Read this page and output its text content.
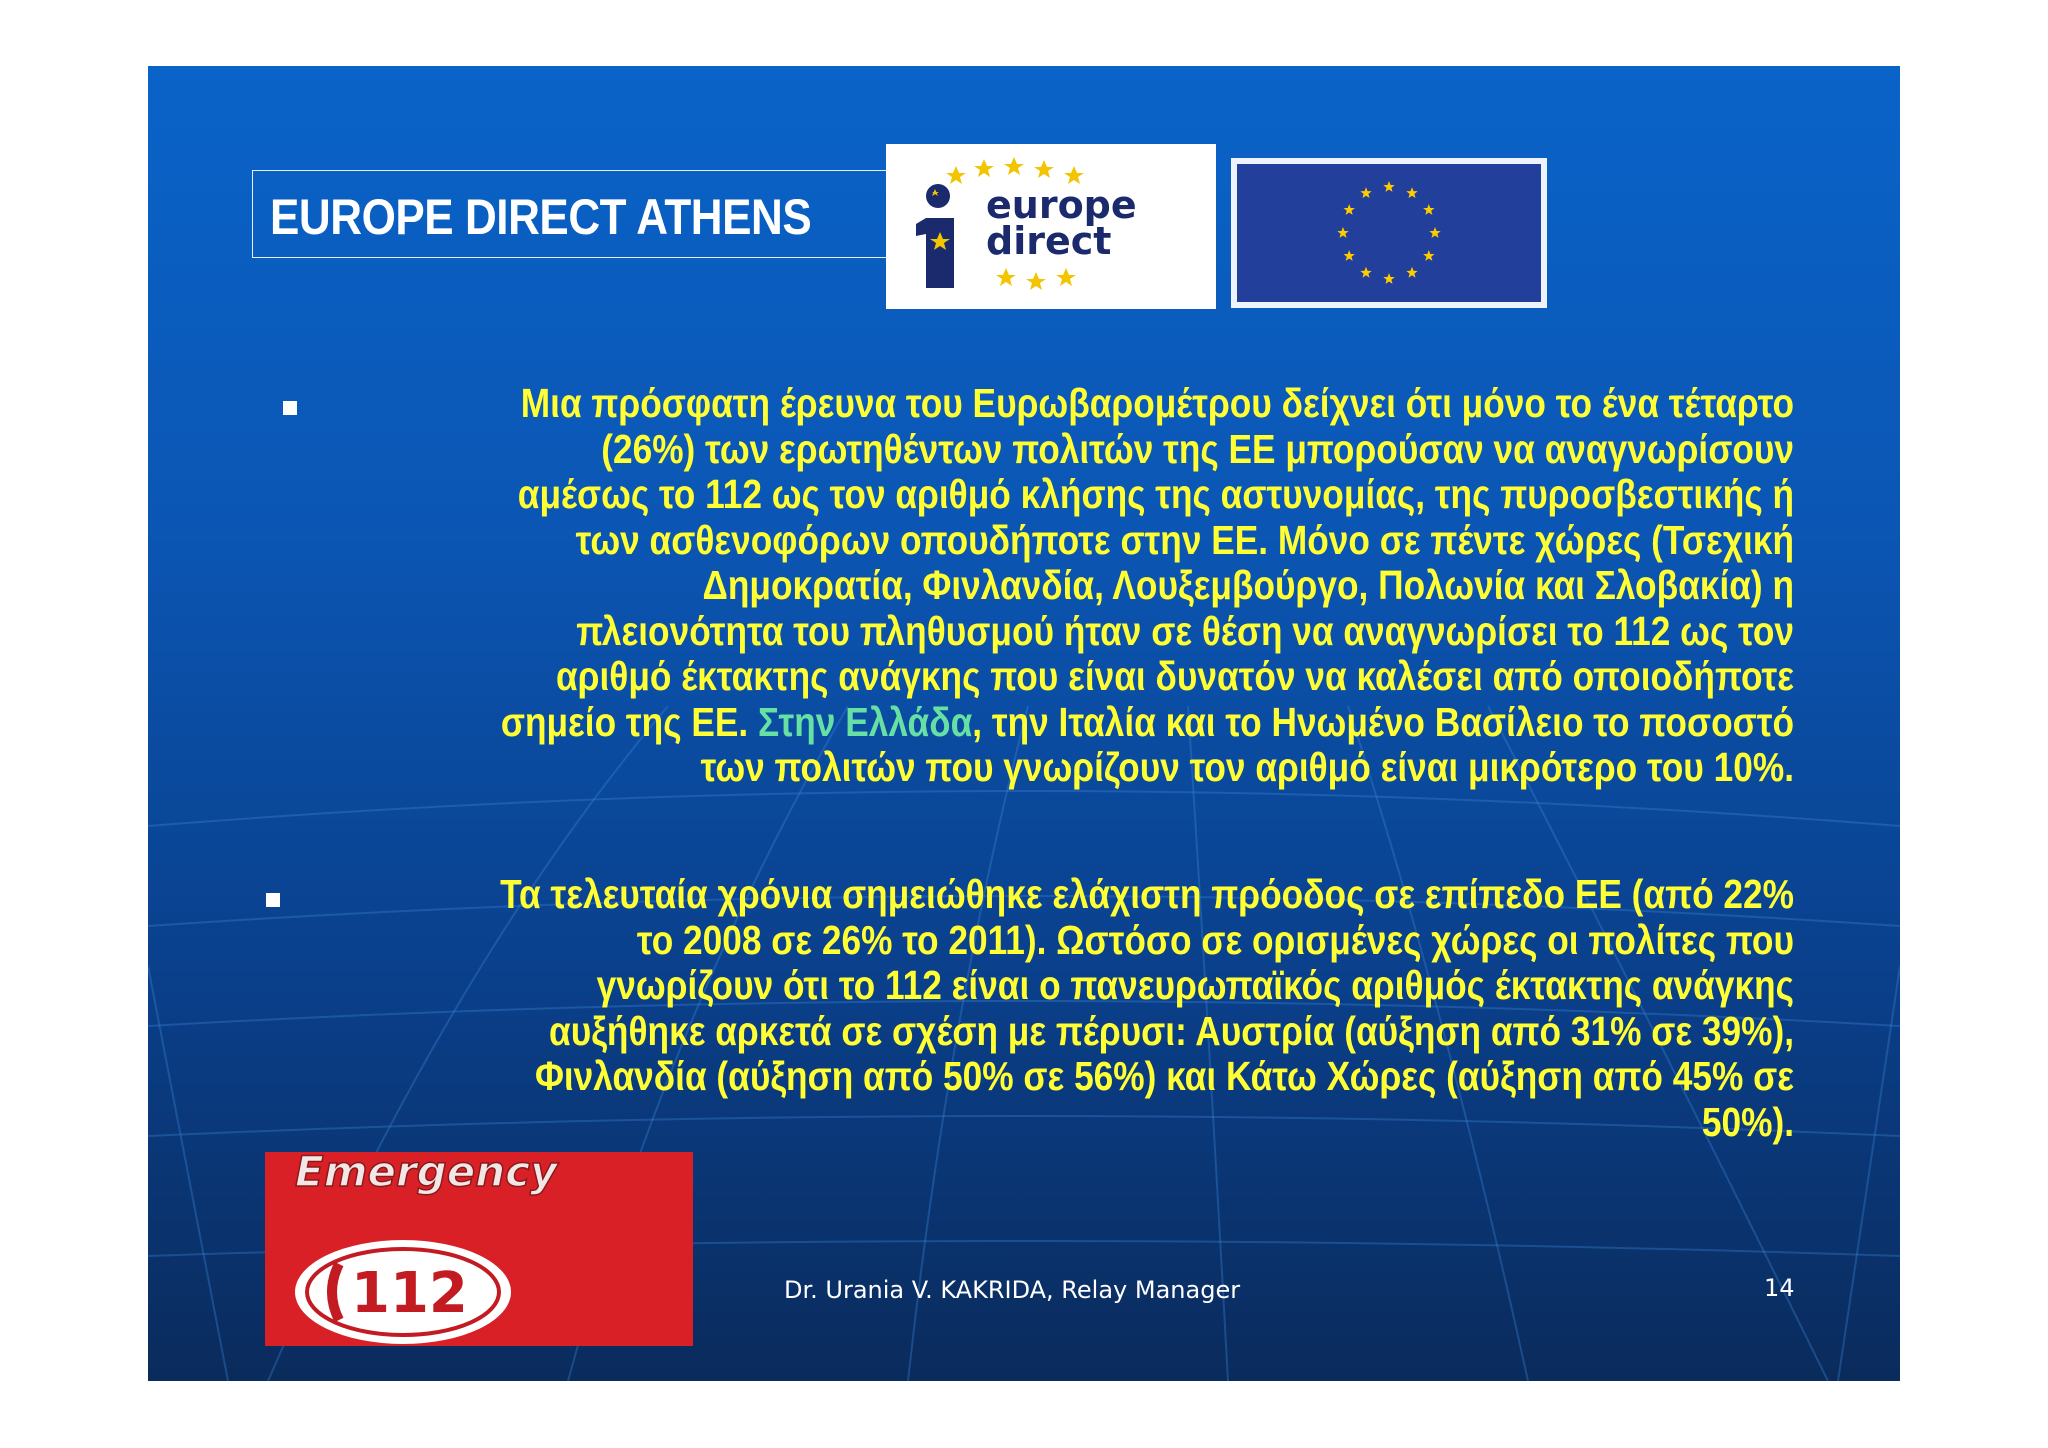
EUROPE DIRECT ATHENS	europe
direct
Μια πρόσφατη έρευνα του Ευρωβαρομέτρου δείχνει ότι μόνο το ένα τέταρτο
(26%) των ερωτηθέντων πολιτών της ΕΕ μπορούσαν να αναγνωρίσουν
αμέσως το 112 ως τον αριθμό κλήσης της αστυνομίας, της πυροσβεστικής ή
των ασθενοφόρων οπουδήποτε στην ΕΕ. Μόνο σε πέντε χώρες (Τσεχική
Δημοκρατία, Φινλανδία, Λουξεμβούργο, Πολωνία και Σλοβακία) η
πλειονότητα του πληθυσμού ήταν σε θέση να αναγνωρίσει το 112 ως τον
αριθμό έκτακτης ανάγκης που είναι δυνατόν να καλέσει από οποιοδήποτε
σημείο της ΕΕ. Στην Ελλάδα, την Ιταλία και το Ηνωμένο Βασίλειο το ποσοστό
των πολιτών που γνωρίζουν τον αριθμό είναι μικρότερο του 10%.
Τα τελευταία χρόνια σημειώθηκε ελάχιστη πρόοδος σε επίπεδο ΕΕ (από 22%
το 2008 σε 26% το 2011). Ωστόσο σε ορισμένες χώρες οι πολίτες που
γνωρίζουν ότι το 112 είναι ο πανευρωπαϊκός αριθμός έκτακτης ανάγκης
αυξήθηκε αρκετά σε σχέση με πέρυσι: Αυστρία (αύξηση από 31% σε 39%),
Φινλανδία (αύξηση από 50% σε 56%) και Κάτω Χώρες (αύξηση από 45% σε
50%).
Emergency
112	Dr. Urania V. KAKRIDA, Relay Manager	14
